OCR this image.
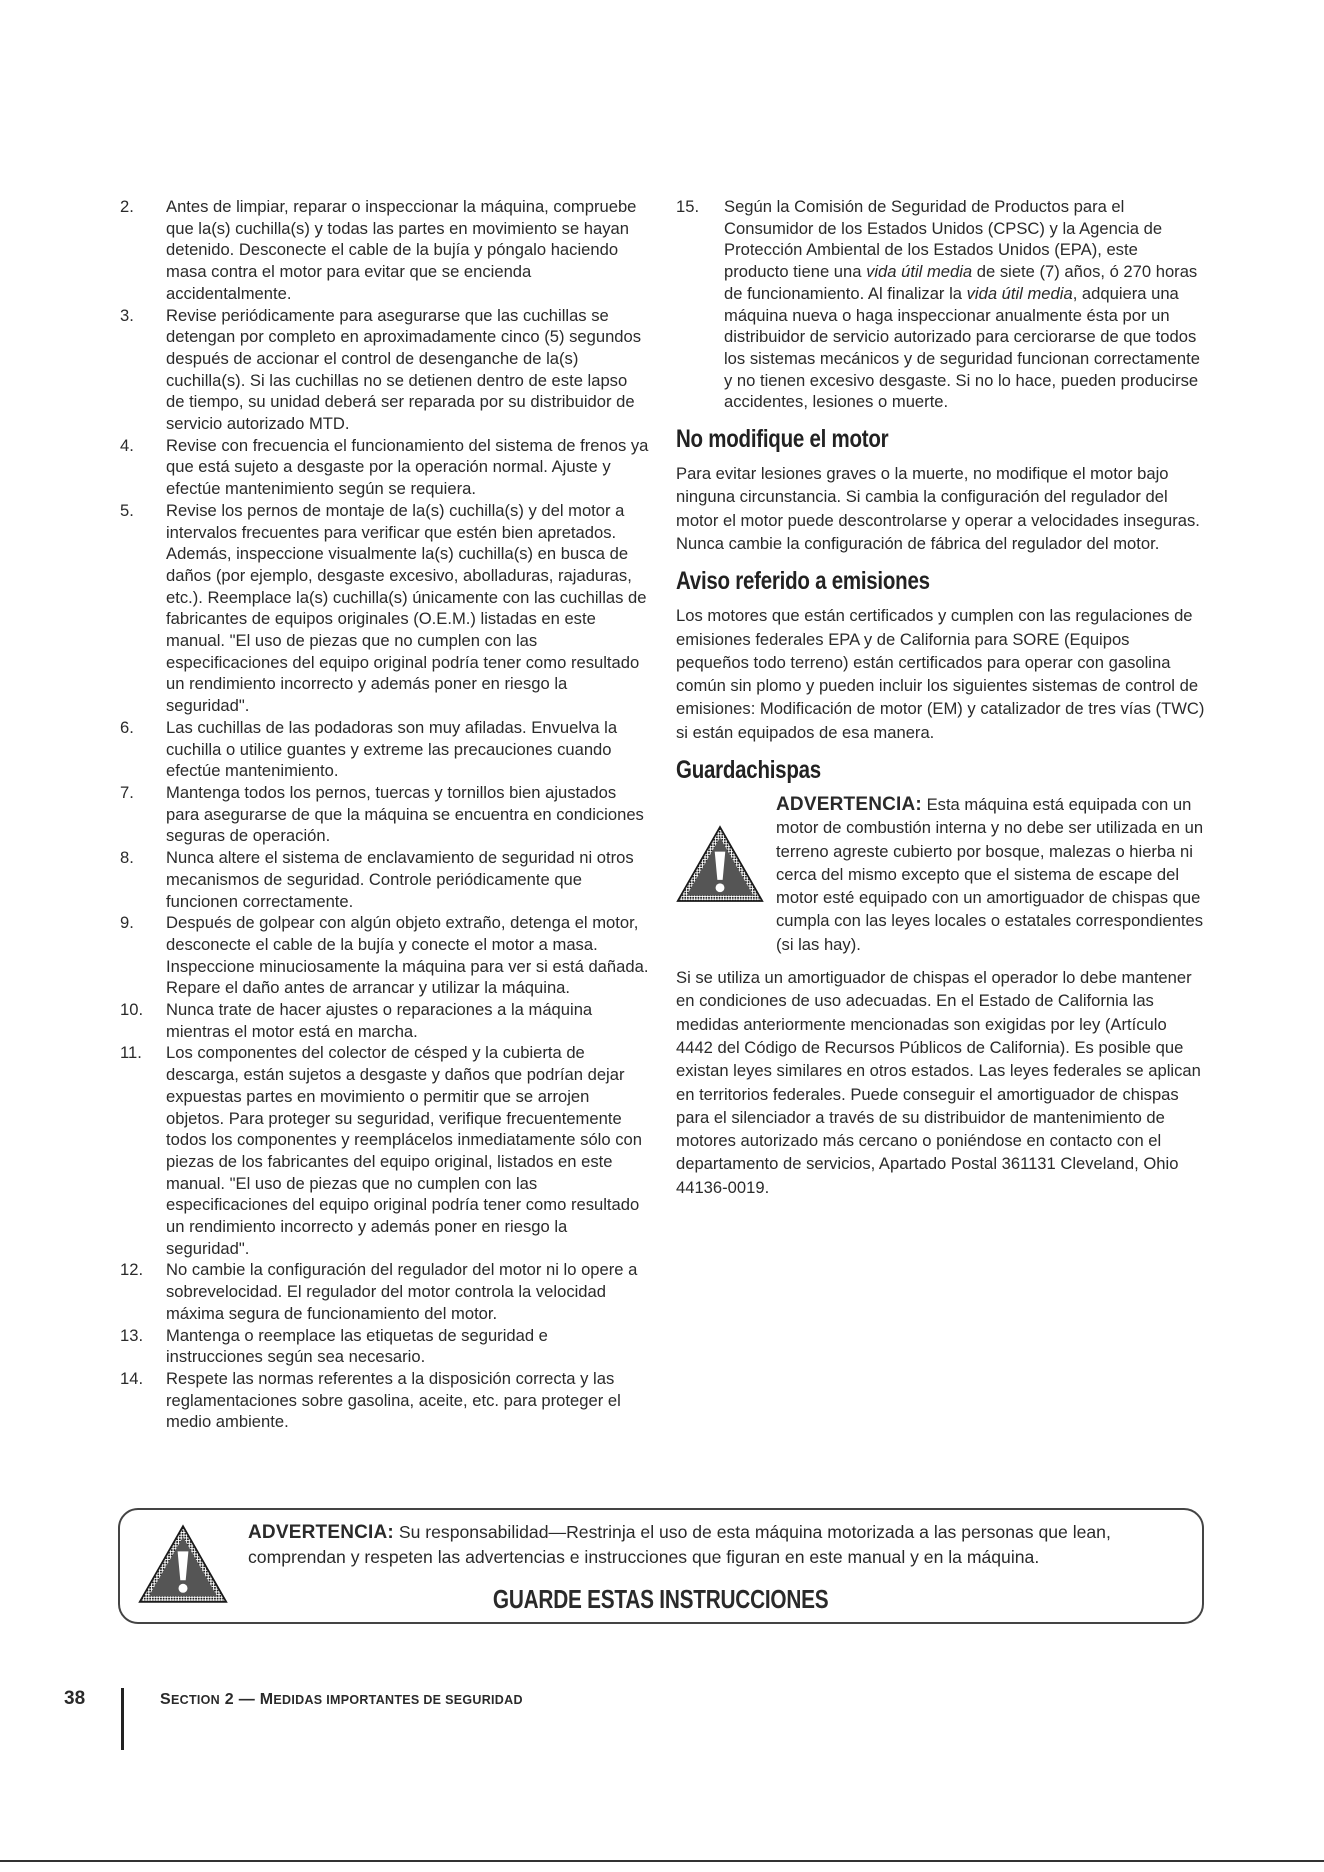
2.	Antes de limpiar, reparar o inspeccionar la máquina, compruebe que la(s) cuchilla(s) y todas las partes en movimiento se hayan detenido. Desconecte el cable de la bujía y póngalo haciendo masa contra el motor para evitar que se encienda accidentalmente.
3.	Revise periódicamente para asegurarse que las cuchillas se detengan por completo en aproximadamente cinco (5) segundos después de accionar el control de desenganche de la(s) cuchilla(s). Si las cuchillas no se detienen dentro de este lapso de tiempo, su unidad deberá ser reparada por su distribuidor de servicio autorizado MTD.
4.	Revise con frecuencia el funcionamiento del sistema de frenos ya que está sujeto a desgaste por la operación normal. Ajuste y efectúe mantenimiento según se requiera.
5.	Revise los pernos de montaje de la(s) cuchilla(s) y del motor a intervalos frecuentes para verificar que estén bien apretados. Además, inspeccione visualmente la(s) cuchilla(s) en busca de daños (por ejemplo, desgaste excesivo, abolladuras, rajaduras, etc.). Reemplace la(s) cuchilla(s) únicamente con las cuchillas de fabricantes de equipos originales (O.E.M.) listadas en este manual. "El uso de piezas que no cumplen con las especificaciones del equipo original podría tener como resultado un rendimiento incorrecto y además poner en riesgo la seguridad".
6.	Las cuchillas de las podadoras son muy afiladas. Envuelva la cuchilla o utilice guantes y extreme las precauciones cuando efectúe mantenimiento.
7.	Mantenga todos los pernos, tuercas y tornillos bien ajustados para asegurarse de que la máquina se encuentra en condiciones seguras de operación.
8.	Nunca altere el sistema de enclavamiento de seguridad ni otros mecanismos de seguridad. Controle periódicamente que funcionen correctamente.
9.	Después de golpear con algún objeto extraño, detenga el motor, desconecte el cable de la bujía y conecte el motor a masa. Inspeccione minuciosamente la máquina para ver si está dañada. Repare el daño antes de arrancar y utilizar la máquina.
10.	Nunca trate de hacer ajustes o reparaciones a la máquina mientras el motor está en marcha.
11.	Los componentes del colector de césped y la cubierta de descarga, están sujetos a desgaste y daños que podrían dejar expuestas partes en movimiento o permitir que se arrojen objetos. Para proteger su seguridad, verifique frecuentemente todos los componentes y reemplácelos inmediatamente sólo con piezas de los fabricantes del equipo original, listados en este manual. "El uso de piezas que no cumplen con las especificaciones del equipo original podría tener como resultado un rendimiento incorrecto y además poner en riesgo la seguridad".
12.	No cambie la configuración del regulador del motor ni lo opere a sobrevelocidad. El regulador del motor controla la velocidad máxima segura de funcionamiento del motor.
13.	Mantenga o reemplace las etiquetas de seguridad e instrucciones según sea necesario.
14.	Respete las normas referentes a la disposición correcta y las reglamentaciones sobre gasolina, aceite, etc. para proteger el medio ambiente.
15.	Según la Comisión de Seguridad de Productos para el Consumidor de los Estados Unidos (CPSC) y la Agencia de Protección Ambiental de los Estados Unidos (EPA), este producto tiene una vida útil media de siete (7) años, ó 270 horas de funcionamiento. Al finalizar la vida útil media, adquiera una máquina nueva o haga inspeccionar anualmente ésta por un distribuidor de servicio autorizado para cerciorarse de que todos los sistemas mecánicos y de seguridad funcionan correctamente y no tienen excesivo desgaste. Si no lo hace, pueden producirse accidentes, lesiones o muerte.
No modifique el motor

Para evitar lesiones graves o la muerte, no modifique el motor bajo ninguna circunstancia. Si cambia la configuración del regulador del motor el motor puede descontrolarse y operar a velocidades inseguras. Nunca cambie la configuración de fábrica del regulador del motor.

Aviso referido a emisiones

Los motores que están certificados y cumplen con las regulaciones de emisiones federales EPA y de California para SORE (Equipos pequeños todo terreno) están certificados para operar con gasolina común sin plomo y pueden incluir los siguientes sistemas de control de emisiones: Modificación de motor (EM) y catalizador de tres vías (TWC) si están equipados de esa manera.

Guardachispas

ADVERTENCIA: Esta máquina está equipada con un motor de combustión interna y no debe ser utilizada en un terreno agreste cubierto por bosque, malezas o hierba ni cerca del mismo excepto que el sistema de escape del motor esté equipado con un amortiguador de chispas que cumpla con las leyes locales o estatales correspondientes (si las hay).

Si se utiliza un amortiguador de chispas el operador lo debe mantener en condiciones de uso adecuadas. En el Estado de California las medidas anteriormente mencionadas son exigidas por ley (Artículo 4442 del Código de Recursos Públicos de California). Es posible que existan leyes similares en otros estados. Las leyes federales se aplican en territorios federales. Puede conseguir el amortiguador de chispas para el silenciador a través de su distribuidor de mantenimiento de motores autorizado más cercano o poniéndose en contacto con el departamento de servicios, Apartado Postal 361131 Cleveland, Ohio 44136-0019.

ADVERTENCIA: Su responsabilidad—Restrinja el uso de esta máquina motorizada a las personas que lean, comprendan y respeten las advertencias e instrucciones que figuran en este manual y en la máquina.
GUARDE ESTAS INSTRUCCIONES
38	SECTION 2 — MEDIDAS IMPORTANTES DE SEGURIDAD
